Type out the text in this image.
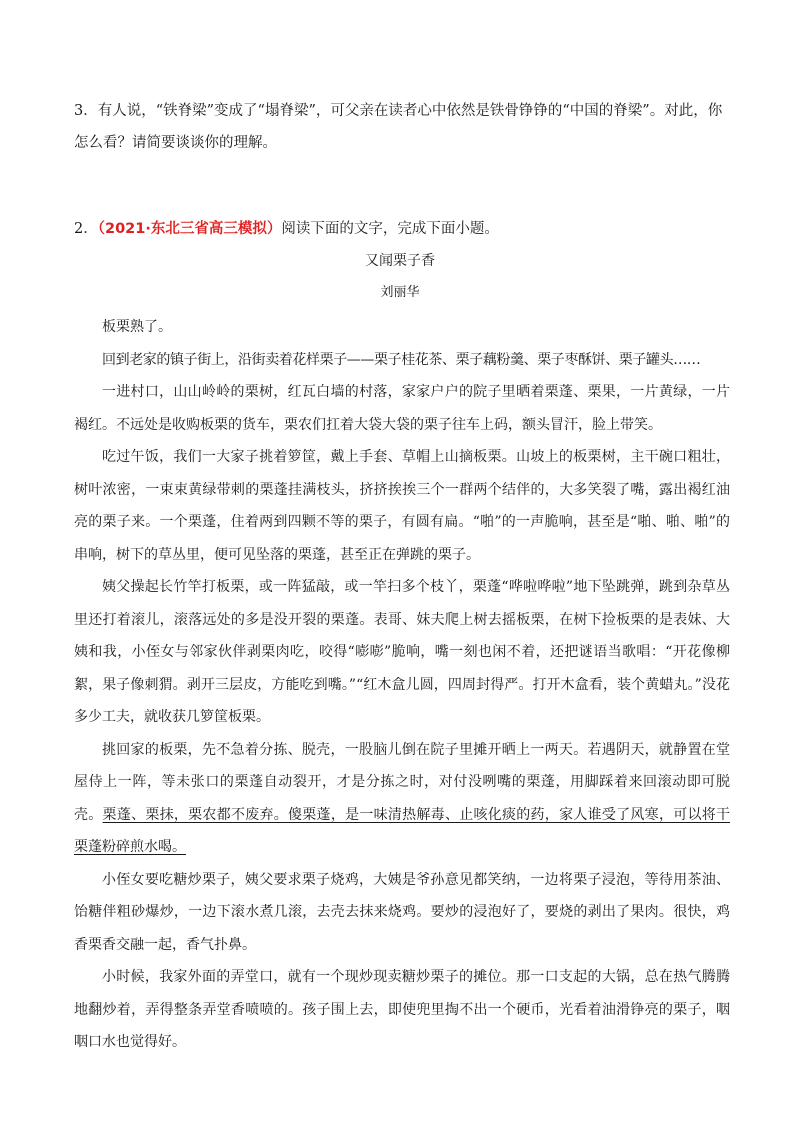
3．有人说，“铁脊梁”变成了“塌脊梁”，可父亲在读者心中依然是铁骨铮铮的“中国的脊梁”。对此，你怎么看？请简要谈谈你的理解。
2．（2021·东北三省高三模拟）阅读下面的文字，完成下面小题。
又闻栗子香
刘丽华

板栗熟了。

回到老家的镇子街上，沿街卖着花样栗子——栗子桂花茶、栗子藕粉羹、栗子枣酥饼、栗子罐头……

一进村口，山山岭岭的栗树，红瓦白墙的村落，家家户户的院子里晒着栗蓬、栗果，一片黄绿，一片褐红。不远处是收购板栗的货车，栗农们扛着大袋大袋的栗子往车上码，额头冒汗，脸上带笑。

吃过午饭，我们一大家子挑着箩筐，戴上手套、草帽上山摘板栗。山坡上的板栗树，主干碗口粗壮，树叶浓密，一束束黄绿带刺的栗蓬挂满枝头，挤挤挨挨三个一群两个结伴的，大多笑裂了嘴，露出褐红油亮的栗子来。一个栗蓬，住着两到四颗不等的栗子，有圆有扁。“啪”的一声脆响，甚至是“啪、啪、啪”的串响，树下的草丛里，便可见坠落的栗蓬，甚至正在弹跳的栗子。

姨父操起长竹竿打板栗，或一阵猛敲，或一竿扫多个枝丫，栗蓬“哗啦哗啦”地下坠跳弹，跳到杂草丛里还打着滚儿，滚落远处的多是没开裂的栗蓬。表哥、妹夫爬上树去摇板栗，在树下捡板栗的是表妹、大姨和我，小侄女与邻家伙伴剥栗肉吃，咬得“嘭嘭”脆响，嘴一刻也闲不着，还把谜语当歌唱：“开花像柳絮，果子像刺猬。剥开三层皮，方能吃到嘴。”“红木盒儿圆，四周封得严。打开木盒看，装个黄蜡丸。”没花多少工夫，就收获几箩筐板栗。

挑回家的板栗，先不急着分拣、脱壳，一股脑儿倒在院子里摊开晒上一两天。若遇阴天，就静置在堂屋侍上一阵，等未张口的栗蓬自动裂开，才是分拣之时，对付没咧嘴的栗蓬，用脚踩着来回滚动即可脱壳。栗蓬、栗抹，栗农都不废弃。傻栗蓬，是一味清热解毒、止咳化痰的药，家人谁受了风寒，可以将干栗蓬粉碎煎水喝。

小侄女要吃糖炒栗子，姨父要求栗子烧鸡，大姨是爷孙意见都笑纳，一边将栗子浸泡，等待用茶油、饴糖伴粗砂爆炒，一边下滚水煮几滚，去壳去抹来烧鸡。要炒的浸泡好了，要烧的剥出了果肉。很快，鸡香栗香交融一起，香气扑鼻。

小时候，我家外面的弄堂口，就有一个现炒现卖糖炒栗子的摊位。那一口支起的大锅，总在热气腾腾地翻炒着，弄得整条弄堂香喷喷的。孩子围上去，即使兜里掏不出一个硬币，光看着油滑铮亮的栗子，咽咽口水也觉得好。
